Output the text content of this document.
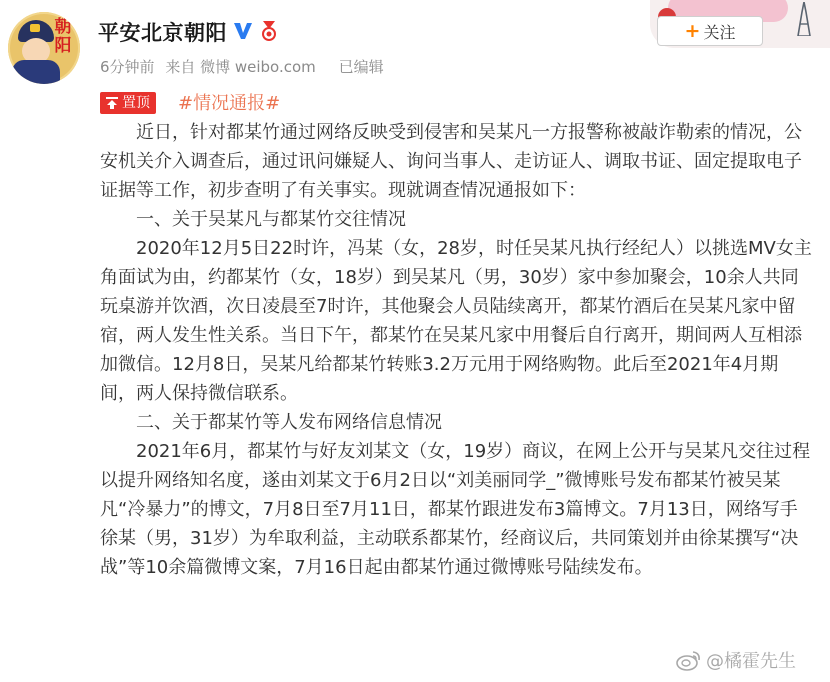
朝阳
平安北京朝阳
6分钟前 来自 微博 weibo.com 已编辑
+ 关注
置顶 #情况通报#

近日，针对都某竹通过网络反映受到侵害和吴某凡一方报警称被敲诈勒索的情况，公安机关介入调查后，通过讯问嫌疑人、询问当事人、走访证人、调取书证、固定提取电子证据等工作，初步查明了有关事实。现就调查情况通报如下：

一、关于吴某凡与都某竹交往情况

2020年12月5日22时许，冯某（女，28岁，时任吴某凡执行经纪人）以挑选MV女主角面试为由，约都某竹（女，18岁）到吴某凡（男，30岁）家中参加聚会，10余人共同玩桌游并饮酒，次日凌晨至7时许，其他聚会人员陆续离开，都某竹酒后在吴某凡家中留宿，两人发生性关系。当日下午，都某竹在吴某凡家中用餐后自行离开，期间两人互相添加微信。12月8日，吴某凡给都某竹转账3.2万元用于网络购物。此后至2021年4月期间，两人保持微信联系。

二、关于都某竹等人发布网络信息情况

2021年6月，都某竹与好友刘某文（女，19岁）商议，在网上公开与吴某凡交往过程以提升网络知名度，遂由刘某文于6月2日以“刘美丽同学_”微博账号发布都某竹被吴某凡“冷暴力”的博文，7月8日至7月11日，都某竹跟进发布3篇博文。7月13日，网络写手徐某（男，31岁）为牟取利益，主动联系都某竹，经商议后，共同策划并由徐某撰写“决战”等10余篇微博文案，7月16日起由都某竹通过微博账号陆续发布。

@橘霍先生
